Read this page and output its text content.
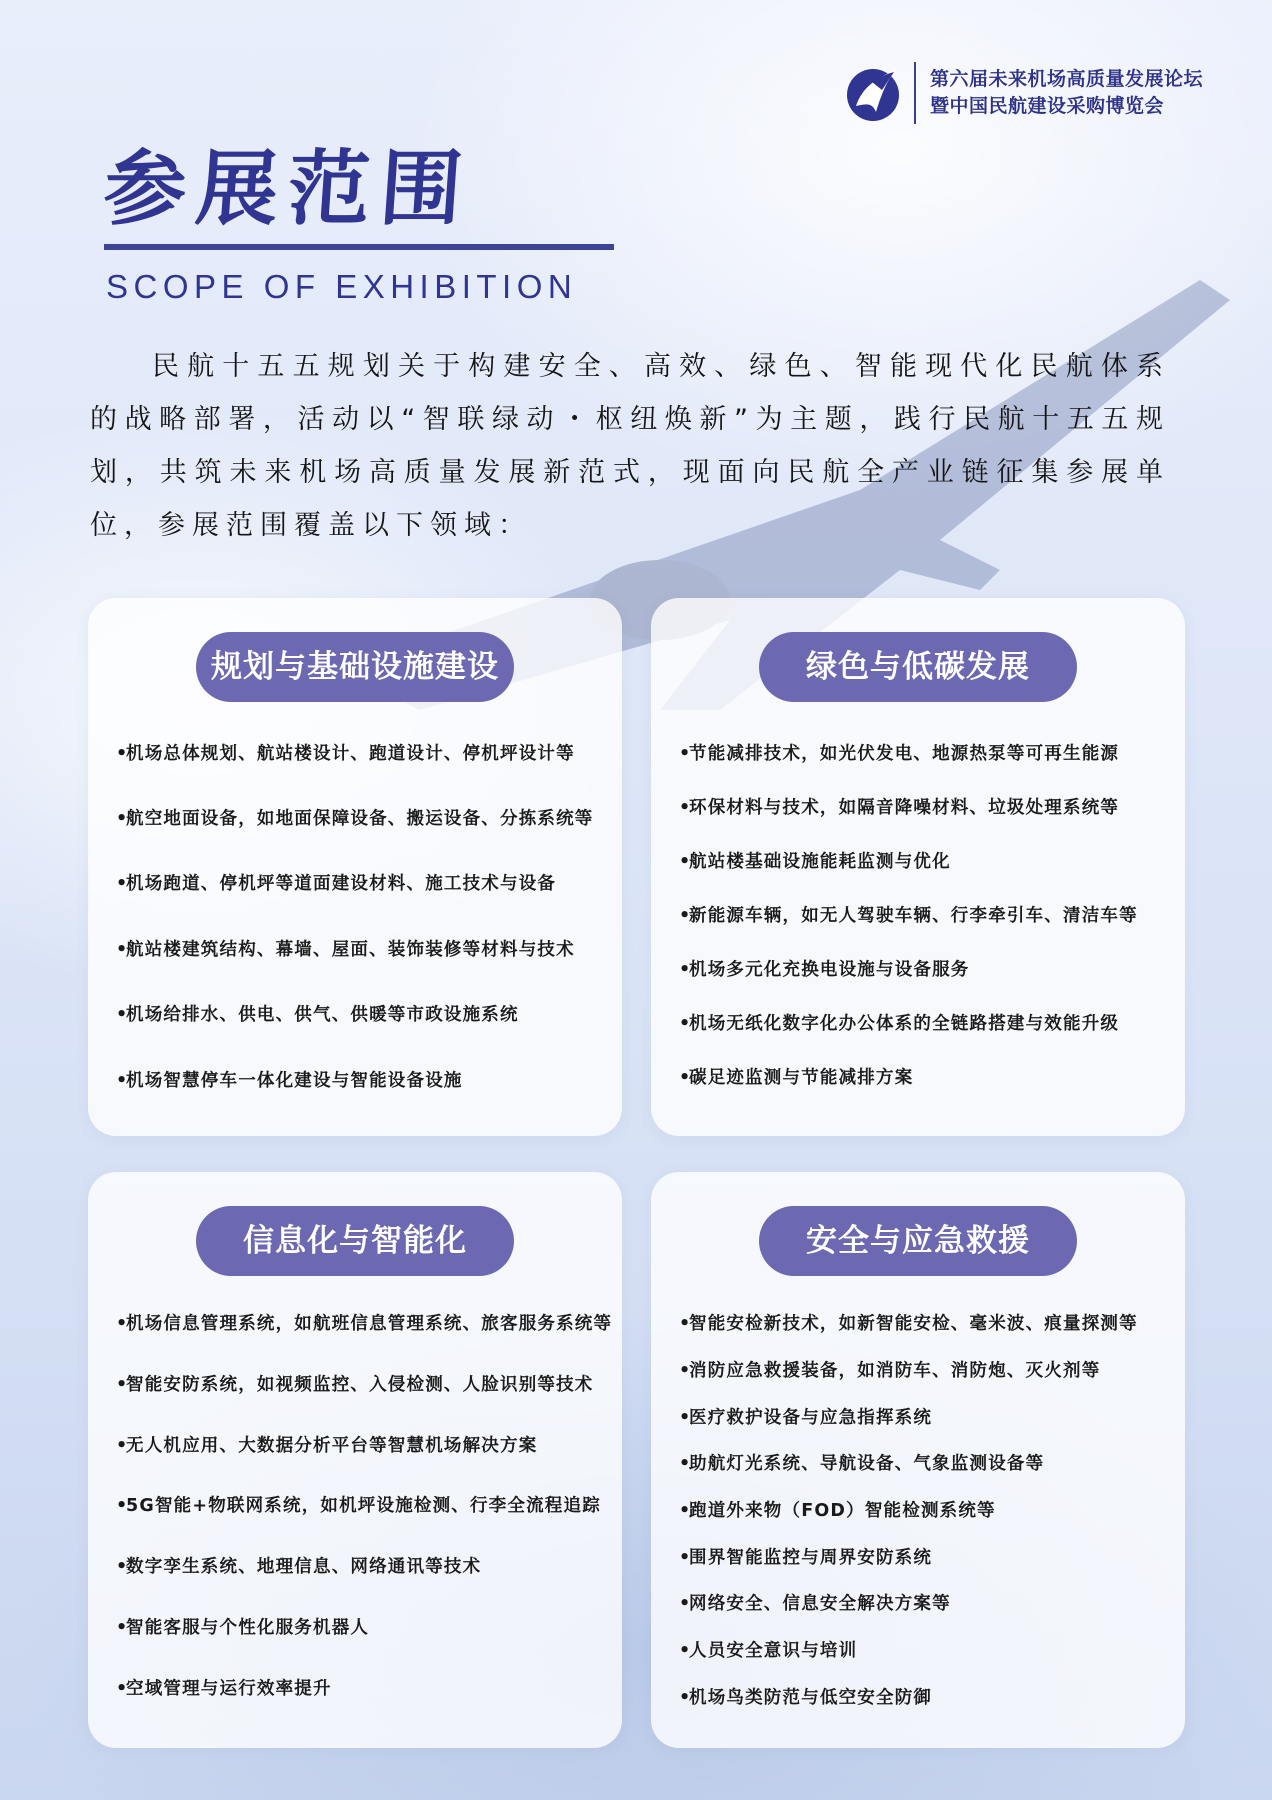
第六届未来机场高质量发展论坛
暨中国民航建设采购博览会
参展范围
SCOPE OF EXHIBITION

民航十五五规划关于构建安全、高效、绿色、智能现代化民航体系的战略部署，活动以“智联绿动・枢纽焕新”为主题，践行民航十五五规划，共筑未来机场高质量发展新范式，现面向民航全产业链征集参展单位，参展范围覆盖以下领域：

规划与基础设施建设
•机场总体规划、航站楼设计、跑道设计、停机坪设计等
•航空地面设备，如地面保障设备、搬运设备、分拣系统等
•机场跑道、停机坪等道面建设材料、施工技术与设备
•航站楼建筑结构、幕墙、屋面、装饰装修等材料与技术
•机场给排水、供电、供气、供暖等市政设施系统
•机场智慧停车一体化建设与智能设备设施
绿色与低碳发展
•节能减排技术，如光伏发电、地源热泵等可再生能源
•环保材料与技术，如隔音降噪材料、垃圾处理系统等
•航站楼基础设施能耗监测与优化
•新能源车辆，如无人驾驶车辆、行李牵引车、清洁车等
•机场多元化充换电设施与设备服务
•机场无纸化数字化办公体系的全链路搭建与效能升级
•碳足迹监测与节能减排方案
信息化与智能化
•机场信息管理系统，如航班信息管理系统、旅客服务系统等
•智能安防系统，如视频监控、入侵检测、人脸识别等技术
•无人机应用、大数据分析平台等智慧机场解决方案
•5G智能+物联网系统，如机坪设施检测、行李全流程追踪
•数字孪生系统、地理信息、网络通讯等技术
•智能客服与个性化服务机器人
•空域管理与运行效率提升
安全与应急救援
•智能安检新技术，如新智能安检、毫米波、痕量探测等
•消防应急救援装备，如消防车、消防炮、灭火剂等
•医疗救护设备与应急指挥系统
•助航灯光系统、导航设备、气象监测设备等
•跑道外来物（FOD）智能检测系统等
•围界智能监控与周界安防系统
•网络安全、信息安全解决方案等
•人员安全意识与培训
•机场鸟类防范与低空安全防御
